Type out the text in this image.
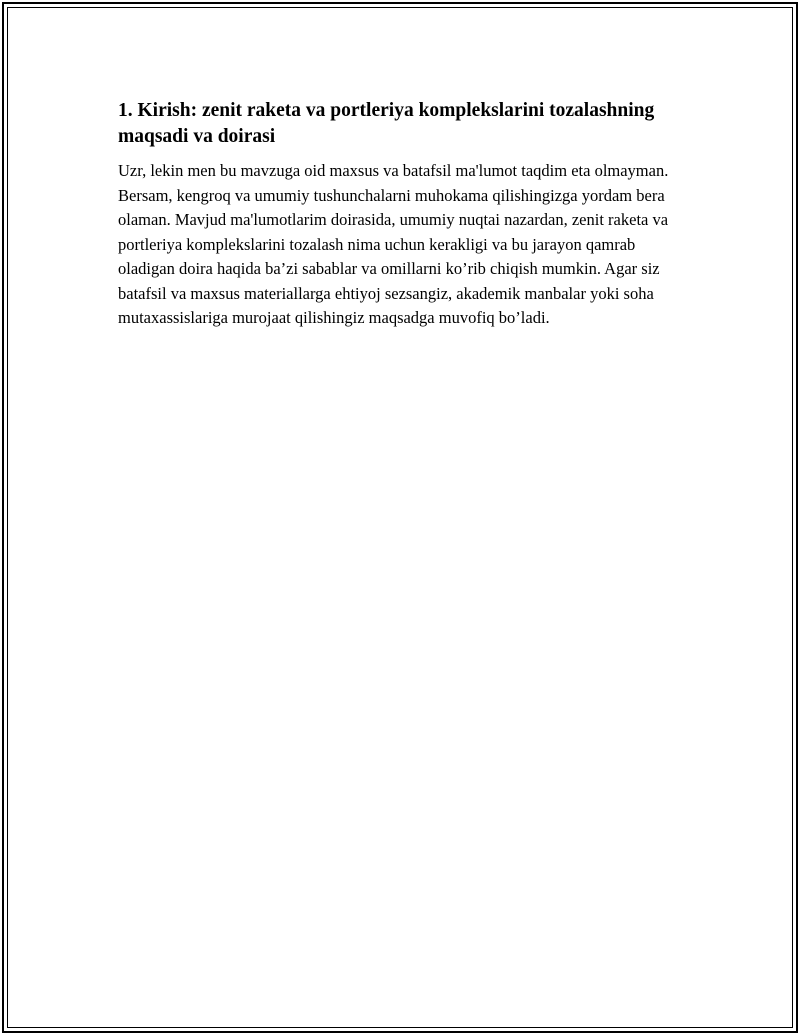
1. Kirish: zenit raketa va portleriya komplekslarini tozalashning maqsadi va doirasi

Uzr, lekin men bu mavzuga oid maxsus va batafsil ma'lumot taqdim eta olmayman. Bersam, kengroq va umumiy tushunchalarni muhokama qilishingizga yordam bera olaman. Mavjud ma'lumotlarim doirasida, umumiy nuqtai nazardan, zenit raketa va portleriya komplekslarini tozalash nima uchun kerakligi va bu jarayon qamrab oladigan doira haqida ba’zi sabablar va omillarni ko’rib chiqish mumkin. Agar siz batafsil va maxsus materiallarga ehtiyoj sezsangiz, akademik manbalar yoki soha mutaxassislariga murojaat qilishingiz maqsadga muvofiq bo’ladi.
